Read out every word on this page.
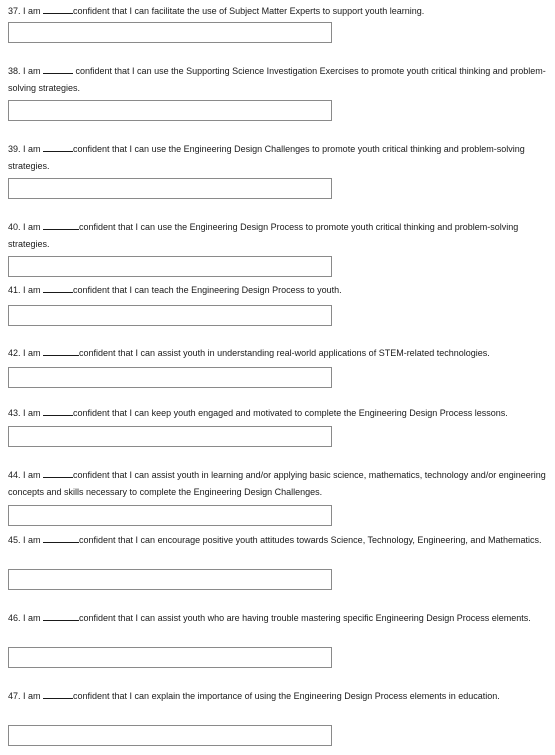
37. I am	confident that I can facilitate the use of Subject Matter Experts to support youth learning.
38. I am	confident that I can use the Supporting Science Investigation Exercises to promote youth critical thinking and problem-solving strategies.
39. I am	confident that I can use the Engineering Design Challenges to promote youth critical thinking and problem-solving strategies.
40. I am	confident that I can use the Engineering Design Process to promote youth critical thinking and problem-solving strategies.
41. I am	confident that I can teach the Engineering Design Process to youth.
42. I am	confident that I can assist youth in understanding real-world applications of STEM-related technologies.
43. I am	confident that I can keep youth engaged and motivated to complete the Engineering Design Process lessons.
44. I am	confident that I can assist youth in learning and/or applying basic science, mathematics, technology and/or engineering concepts and skills necessary to complete the Engineering Design Challenges.
45. I am	confident that I can encourage positive youth attitudes towards Science, Technology, Engineering, and Mathematics.
46. I am	confident that I can assist youth who are having trouble mastering specific Engineering Design Process elements.
47. I am	confident that I can explain the importance of using the Engineering Design Process elements in education.
